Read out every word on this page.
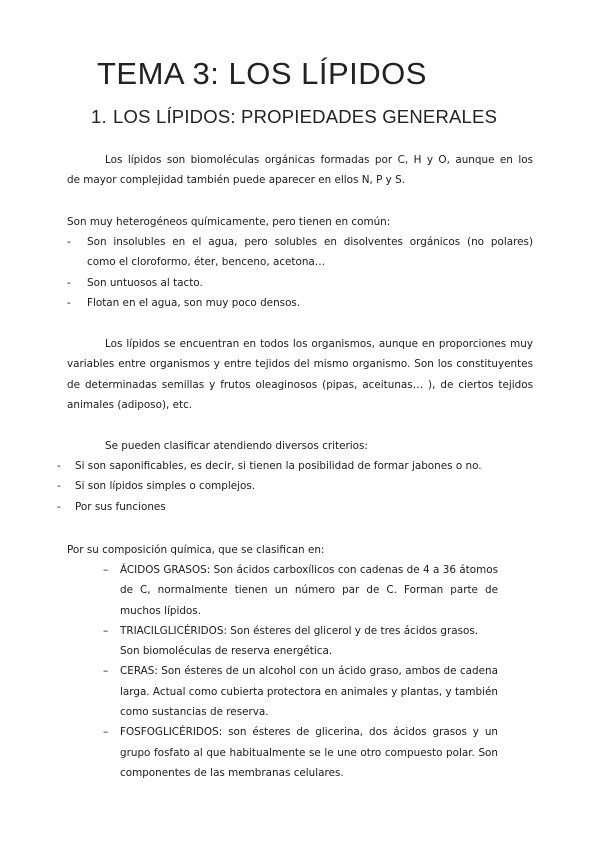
TEMA 3: LOS LÍPIDOS
1. LOS LÍPIDOS: PROPIEDADES GENERALES

Los lípidos son biomoléculas orgánicas formadas por C, H y O, aunque en los

de mayor complejidad también puede aparecer en ellos N, P y S.

Son muy heterogéneos químicamente, pero tienen en común:

-	Son insolubles en el agua, pero solubles en disolventes orgánicos (no polares)

como el cloroformo, éter, benceno, acetona…

-	Son untuosos al tacto.

-	Flotan en el agua, son muy poco densos.

Los lípidos se encuentran en todos los organismos, aunque en proporciones muy variables entre organismos y entre tejidos del mismo organismo. Son los constituyentes de determinadas semillas y frutos oleaginosos (pipas, aceitunas… ), de ciertos tejidos animales (adiposo), etc.

Se pueden clasificar atendiendo diversos criterios:

-	Si son saponificables, es decir, si tienen la posibilidad de formar jabones o no.

-	Si son lípidos simples o complejos.

-	Por sus funciones

Por su composición química, que se clasifican en:

–	ÁCIDOS GRASOS: Son ácidos carboxílicos con cadenas de 4 a 36 átomos de C, normalmente tienen un número par de C. Forman parte de muchos lípidos.

–	TRIACILGLICÉRIDOS: Son ésteres del glicerol y de tres ácidos grasos.

Son biomoléculas de reserva energética.

–	CERAS: Son ésteres de un alcohol con un ácido graso, ambos de cadena larga. Actual como cubierta protectora en animales y plantas, y también como sustancias de reserva.

–	FOSFOGLICÉRIDOS: son ésteres de glicerina, dos ácidos grasos y un grupo fosfato al que habitualmente se le une otro compuesto polar. Son componentes de las membranas celulares.
